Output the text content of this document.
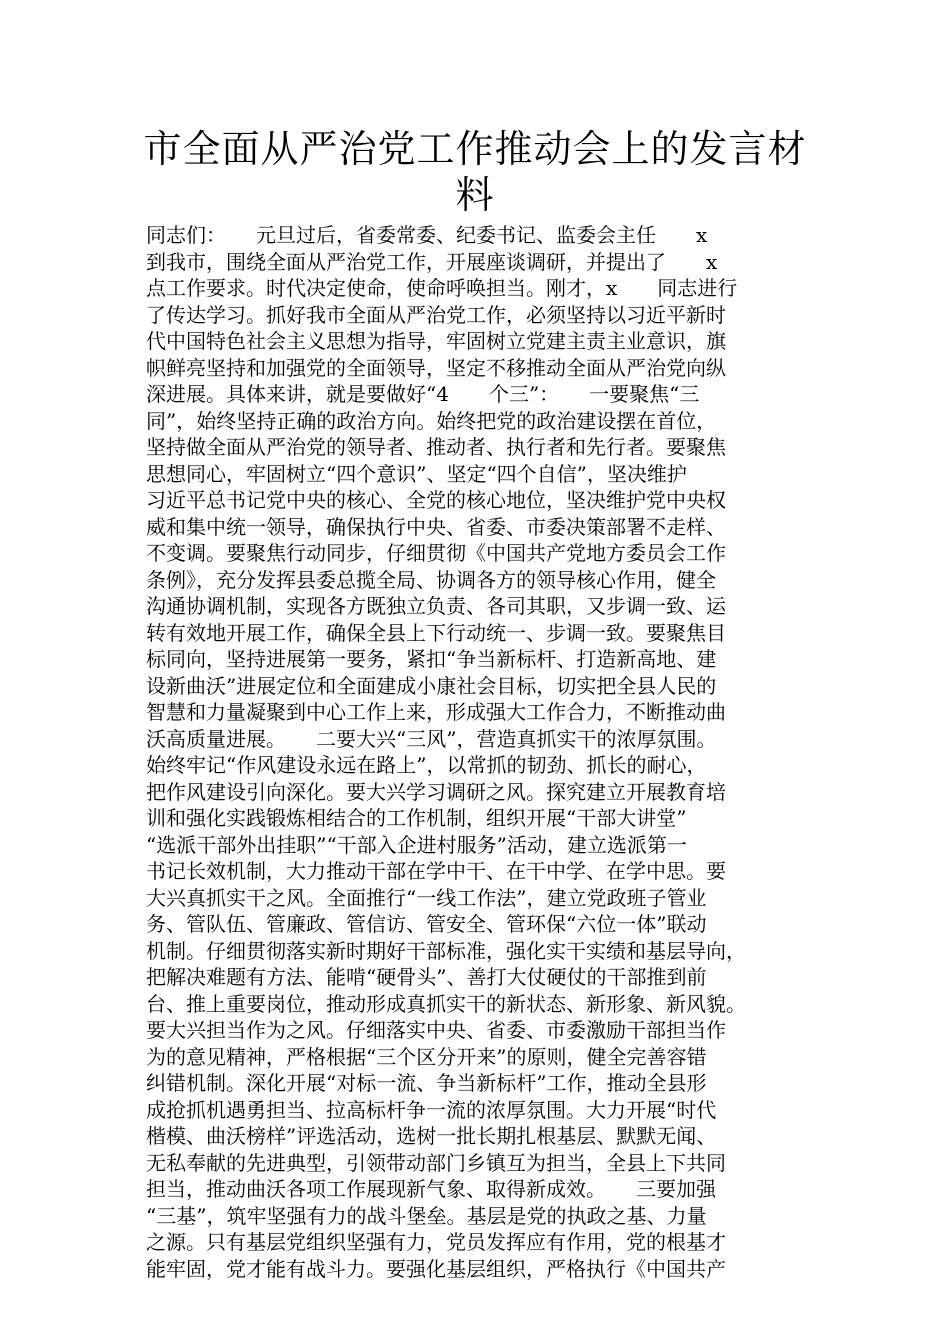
市全面从严治党工作推动会上的发言材
料

同志们：　　元旦过后，省委常委、纪委书记、监委会主任　　x

到我市，围绕全面从严治党工作，开展座谈调研，并提出了　　x

点工作要求。时代决定使命，使命呼唤担当。刚才，x　　同志进行

了传达学习。抓好我市全面从严治党工作，必须坚持以习近平新时

代中国特色社会主义思想为指导，牢固树立党建主责主业意识，旗

帜鲜亮坚持和加强党的全面领导，坚定不移推动全面从严治党向纵

深进展。具体来讲，就是要做好“4　　个三”：　　一要聚焦“三

同”，始终坚持正确的政治方向。始终把党的政治建设摆在首位，

坚持做全面从严治党的领导者、推动者、执行者和先行者。要聚焦

思想同心，牢固树立“四个意识”、坚定“四个自信”，坚决维护

习近平总书记党中央的核心、全党的核心地位，坚决维护党中央权

威和集中统一领导，确保执行中央、省委、市委决策部署不走样、

不变调。要聚焦行动同步，仔细贯彻《中国共产党地方委员会工作

条例》，充分发挥县委总揽全局、协调各方的领导核心作用，健全

沟通协调机制，实现各方既独立负责、各司其职，又步调一致、运

转有效地开展工作，确保全县上下行动统一、步调一致。要聚焦目

标同向，坚持进展第一要务，紧扣“争当新标杆、打造新高地、建

设新曲沃”进展定位和全面建成小康社会目标，切实把全县人民的

智慧和力量凝聚到中心工作上来，形成强大工作合力，不断推动曲

沃高质量进展。　　二要大兴“三风”，营造真抓实干的浓厚氛围。

始终牢记“作风建设永远在路上”，以常抓的韧劲、抓长的耐心，

把作风建设引向深化。要大兴学习调研之风。探究建立开展教育培

训和强化实践锻炼相结合的工作机制，组织开展“干部大讲堂”

“选派干部外出挂职”“干部入企进村服务”活动，建立选派第一

书记长效机制，大力推动干部在学中干、在干中学、在学中思。要

大兴真抓实干之风。全面推行“一线工作法”，建立党政班子管业

务、管队伍、管廉政、管信访、管安全、管环保“六位一体”联动

机制。仔细贯彻落实新时期好干部标准，强化实干实绩和基层导向，

把解决难题有方法、能啃“硬骨头”、善打大仗硬仗的干部推到前

台、推上重要岗位，推动形成真抓实干的新状态、新形象、新风貌。

要大兴担当作为之风。仔细落实中央、省委、市委激励干部担当作

为的意见精神，严格根据“三个区分开来”的原则，健全完善容错

纠错机制。深化开展“对标一流、争当新标杆”工作，推动全县形

成抢抓机遇勇担当、拉高标杆争一流的浓厚氛围。大力开展“时代

楷模、曲沃榜样”评选活动，选树一批长期扎根基层、默默无闻、

无私奉献的先进典型，引领带动部门乡镇互为担当，全县上下共同

担当，推动曲沃各项工作展现新气象、取得新成效。　　三要加强

“三基”，筑牢坚强有力的战斗堡垒。基层是党的执政之基、力量

之源。只有基层党组织坚强有力，党员发挥应有作用，党的根基才

能牢固，党才能有战斗力。要强化基层组织，严格执行《中国共产
